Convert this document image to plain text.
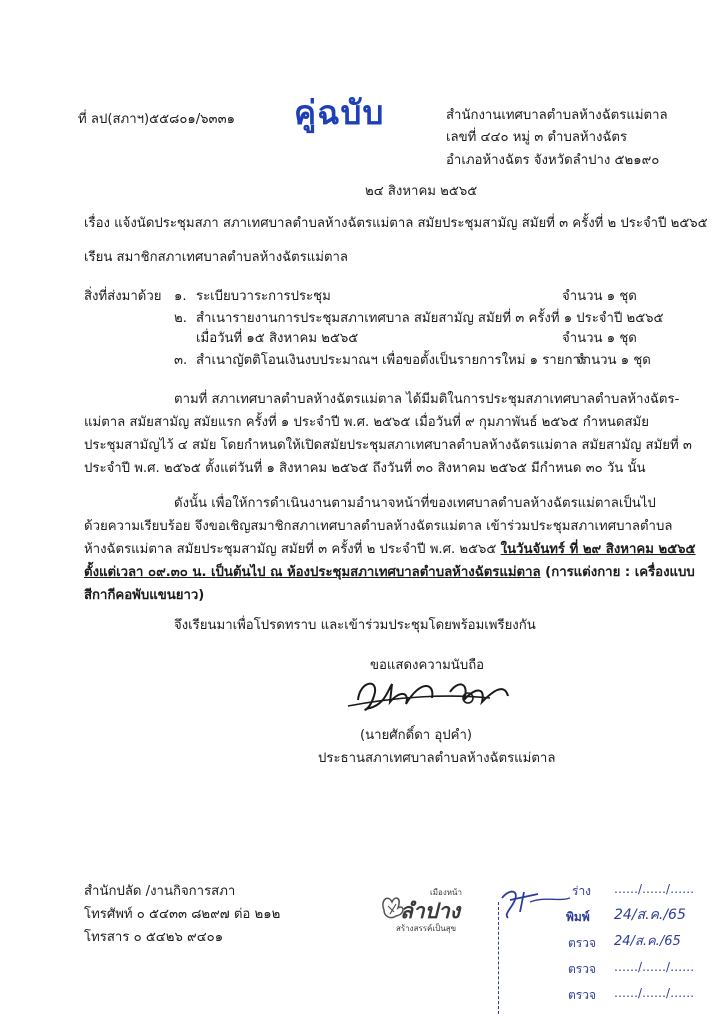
ที่ ลป(สภาฯ)๕๕๘๐๑/๖๓๓๑ คู่ฉบับ	สำนักงานเทศบาลตำบลห้างฉัตรแม่ตาล
เลขที่ ๔๔๐ หมู่ ๓ ตำบลห้างฉัตร
อำเภอห้างฉัตร จังหวัดลำปาง ๕๒๑๙๐
๒๔ สิงหาคม ๒๕๖๕
เรื่อง แจ้งนัดประชุมสภา สภาเทศบาลตำบลห้างฉัตรแม่ตาล สมัยประชุมสามัญ สมัยที่ ๓ ครั้งที่ ๒ ประจำปี ๒๕๖๕
เรียน สมาชิกสภาเทศบาลตำบลห้างฉัตรแม่ตาล
สิ่งที่ส่งมาด้วย ๑. ระเบียบวาระการประชุม	จำนวน ๑ ชุด
๒. สำเนารายงานการประชุมสภาเทศบาล สมัยสามัญ สมัยที่ ๓ ครั้งที่ ๑ ประจำปี ๒๕๖๕
เมื่อวันที่ ๑๕ สิงหาคม ๒๕๖๕	จำนวน ๑ ชุด
๓. สำเนาญัตติโอนเงินงบประมาณฯ เพื่อขอตั้งเป็นรายการใหม่ ๑ รายการ
จำนวน ๑ ชุด
ตามที่ สภาเทศบาลตำบลห้างฉัตรแม่ตาล ได้มีมติในการประชุมสภาเทศบาลตำบลห้างฉัตร-
แม่ตาล สมัยสามัญ สมัยแรก ครั้งที่ ๑ ประจำปี พ.ศ. ๒๕๖๕ เมื่อวันที่ ๙ กุมภาพันธ์ ๒๕๖๕ กำหนดสมัย
ประชุมสามัญไว้ ๔ สมัย โดยกำหนดให้เปิดสมัยประชุมสภาเทศบาลตำบลห้างฉัตรแม่ตาล สมัยสามัญ สมัยที่ ๓
ประจำปี พ.ศ. ๒๕๖๕ ตั้งแต่วันที่ ๑ สิงหาคม ๒๕๖๕ ถึงวันที่ ๓๐ สิงหาคม ๒๕๖๕ มีกำหนด ๓๐ วัน นั้น
ดังนั้น เพื่อให้การดำเนินงานตามอำนาจหน้าที่ของเทศบาลตำบลห้างฉัตรแม่ตาลเป็นไป
ด้วยความเรียบร้อย จึงขอเชิญสมาชิกสภาเทศบาลตำบลห้างฉัตรแม่ตาล เข้าร่วมประชุมสภาเทศบาลตำบล
ห้างฉัตรแม่ตาล สมัยประชุมสามัญ สมัยที่ ๓ ครั้งที่ ๒ ประจำปี พ.ศ. ๒๕๖๕ ในวันจันทร์ ที่ ๒๙ สิงหาคม ๒๕๖๕
ตั้งแต่เวลา ๐๙.๓๐ น. เป็นต้นไป ณ ห้องประชุมสภาเทศบาลตำบลห้างฉัตรแม่ตาล (การแต่งกาย : เครื่องแบบ
สีกากีคอพับแขนยาว)
จึงเรียนมาเพื่อโปรดทราบ และเข้าร่วมประชุมโดยพร้อมเพรียงกัน
ขอแสดงความนับถือ
(นายศักดิ์ดา อุปคำ)
ประธานสภาเทศบาลตำบลห้างฉัตรแม่ตาล
สำนักปลัด /งานกิจการสภา
โทรศัพท์ ๐ ๕๔๓๓ ๘๒๙๗ ต่อ ๒๑๒
โทรสาร ๐ ๕๔๒๖ ๙๔๐๑
เมืองหน้า
ลำปาง
สร้างสรรค์เป็นสุข
ร่าง ……/……/……
พิมพ์ 24/ส.ค./65
ตรวจ 24/ส.ค./65
ตรวจ ……/……/……
ตรวจ ……/……/……
